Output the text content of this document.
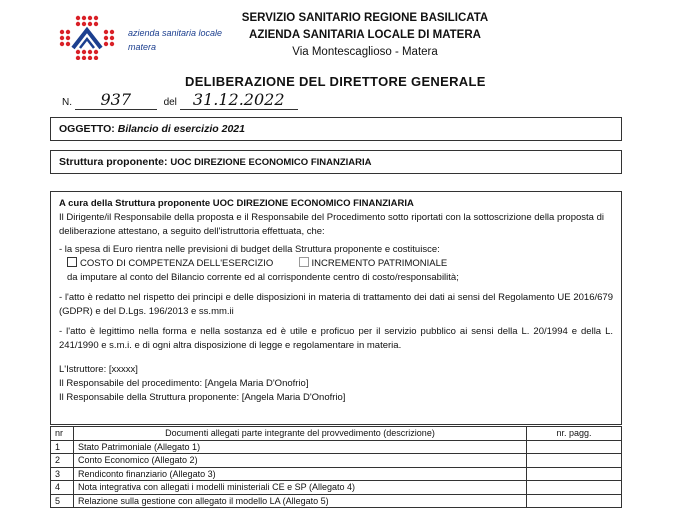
azienda sanitaria locale
matera
SERVIZIO SANITARIO REGIONE BASILICATA
AZIENDA SANITARIA LOCALE DI MATERA
Via Montescaglioso - Matera
DELIBERAZIONE DEL DIRETTORE GENERALE
N. 937	del 31.12.2022
OGGETTO: Bilancio di esercizio 2021
Struttura proponente: UOC DIREZIONE ECONOMICO FINANZIARIA

A cura della Struttura proponente UOC DIREZIONE ECONOMICO FINANZIARIA

Il Dirigente/il Responsabile della proposta e il Responsabile del Procedimento sotto riportati con la sottoscrizione della proposta di deliberazione attestano, a seguito dell'istruttoria effettuata, che:

- la spesa di Euro rientra nelle previsioni di budget della Struttura proponente e costituisce:

COSTO DI COMPETENZA DELL'ESERCIZIO	INCREMENTO PATRIMONIALE

da imputare al conto del Bilancio corrente ed al corrispondente centro di costo/responsabilità;

- l'atto è redatto nel rispetto dei principi e delle disposizioni in materia di trattamento dei dati ai sensi del Regolamento UE 2016/679 (GDPR) e del D.Lgs. 196/2013 e ss.mm.ii

- l'atto è legittimo nella forma e nella sostanza ed è utile e proficuo per il servizio pubblico ai sensi della L. 20/1994 e della L. 241/1990 e s.m.i. e di ogni altra disposizione di legge e regolamentare in materia.

L'Istruttore: [xxxxx]

Il Responsabile del procedimento: [Angela Maria D'Onofrio]

Il Responsabile della Struttura proponente: [Angela Maria D'Onofrio]

nr	Documenti allegati parte integrante del provvedimento (descrizione)	nr. pagg.
1	Stato Patrimoniale (Allegato 1)	
2	Conto Economico (Allegato 2)	
3	Rendiconto finanziario (Allegato 3)	
4	Nota integrativa con allegati i modelli ministeriali CE e SP (Allegato 4)	
5	Relazione sulla gestione con allegato il modello LA (Allegato 5)	
